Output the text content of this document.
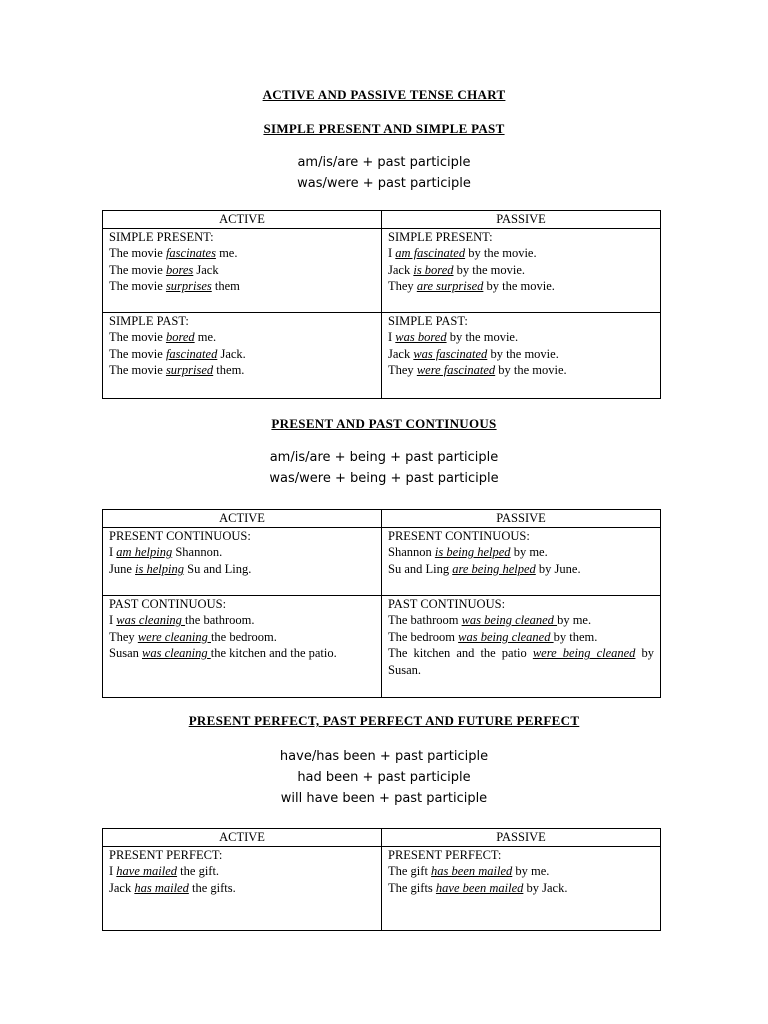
ACTIVE AND PASSIVE TENSE CHART
SIMPLE PRESENT AND SIMPLE PAST
am/is/are + past participle
was/were + past participle
ACTIVE	PASSIVE

SIMPLE PRESENT:
The movie fascinates me.
The movie bores Jack
The movie surprises them	SIMPLE PRESENT:
I am fascinated by the movie.
Jack is bored by the movie.
They are surprised by the movie.

SIMPLE PAST:
The movie bored me.
The movie fascinated Jack.
The movie surprised them.	SIMPLE PAST:
I was bored by the movie.
Jack was fascinated by the movie.
They were fascinated by the movie.
PRESENT AND PAST CONTINUOUS
am/is/are + being + past participle
was/were + being + past participle
ACTIVE	PASSIVE

PRESENT CONTINUOUS:
I am helping Shannon.
June is helping Su and Ling.	PRESENT CONTINUOUS:
Shannon is being helped by me.
Su and Ling are being helped by June.

PAST CONTINUOUS:
I was cleaning the bathroom.
They were cleaning the bedroom.
Susan was cleaning the kitchen and the patio.	PAST CONTINUOUS:
The bathroom was being cleaned by me.
The bedroom was being cleaned by them.
The kitchen and the patio were being cleaned by Susan.
PRESENT PERFECT, PAST PERFECT AND FUTURE PERFECT
have/has been + past participle
had been + past participle
will have been + past participle
ACTIVE	PASSIVE

PRESENT PERFECT:
I have mailed the gift.
Jack has mailed the gifts.	PRESENT PERFECT:
The gift has been mailed by me.
The gifts have been mailed by Jack.
